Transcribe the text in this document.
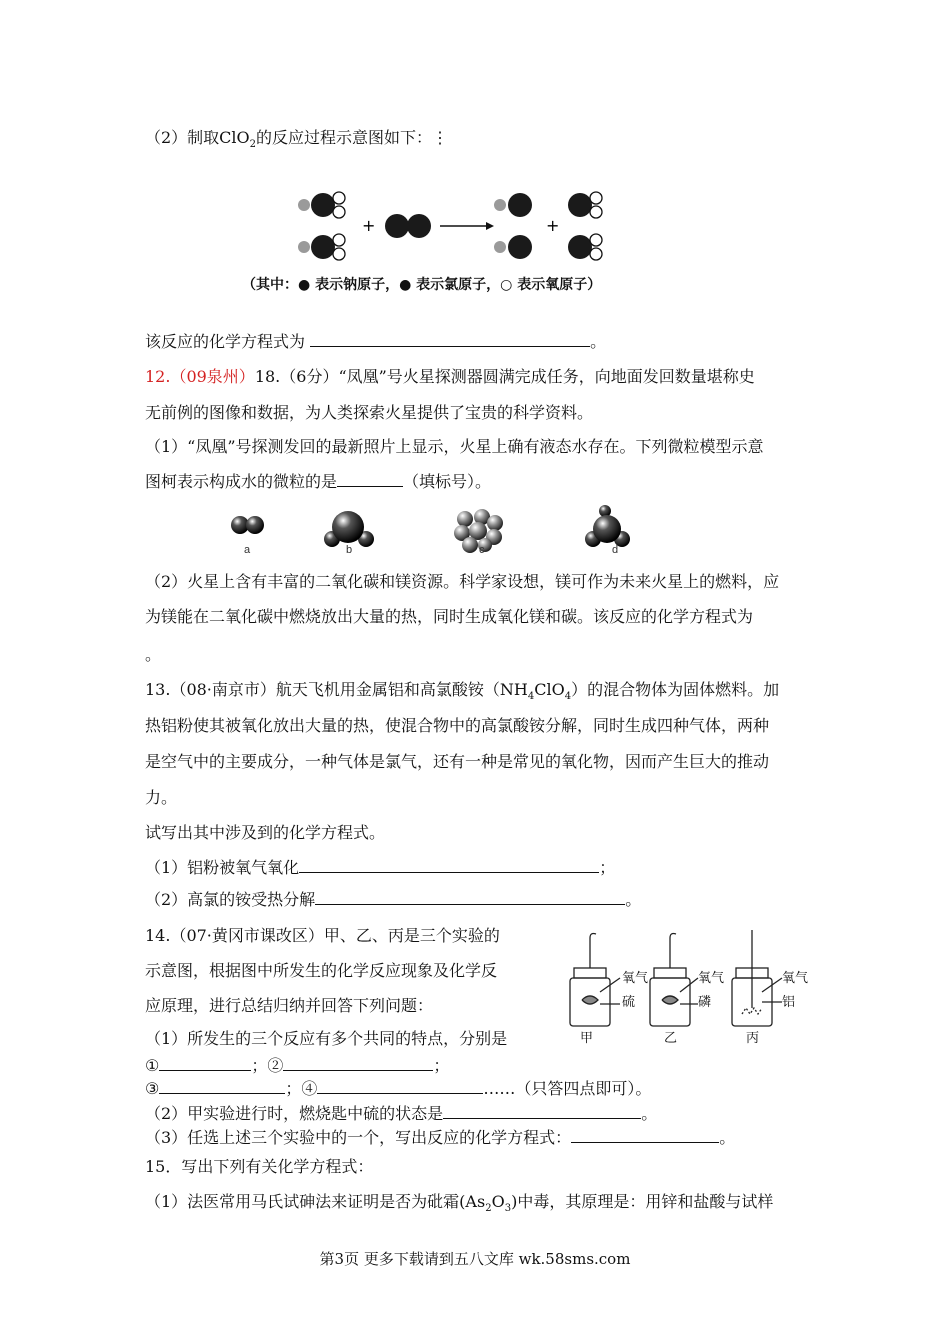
（2）制取ClO$_2$的反应过程示意图如下：⋮
+	+
（其中：● 表示钠原子，● 表示氯原子，○ 表示氧原子）
该反应的化学方程式为	。
12.（09泉州）18.（6分）“凤凰”号火星探测器圆满完成任务，向地面发回数量堪称史
无前例的图像和数据，为人类探索火星提供了宝贵的科学资料。
（1）“凤凰”号探测发回的最新照片上显示，火星上确有液态水存在。下列微粒模型示意
图柯表示构成水的微粒的是	（填标号）。
a	b	c	d
（2）火星上含有丰富的二氧化碳和镁资源。科学家设想，镁可作为未来火星上的燃料，应
为镁能在二氧化碳中燃烧放出大量的热，同时生成氧化镁和碳。该反应的化学方程式为
。
13.（08·南京市）航天飞机用金属铝和高氯酸铵$(NH_4ClO_4)$的混合物体为固体燃料。加
热铝粉使其被氧化放出大量的热，使混合物中的高氯酸铵分解，同时生成四种气体，两种
是空气中的主要成分，一种气体是氯气，还有一种是常见的氧化物，因而产生巨大的推动
力。
试写出其中涉及到的化学方程式。
（1）铝粉被氧气氧化	；
（2）高氯的铵受热分解	。
14.（07·黄冈市课改区）甲、乙、丙是三个实验的
示意图，根据图中所发生的化学反应现象及化学反
应原理，进行总结归纳并回答下列问题：
（1）所发生的三个反应有多个共同的特点，分别是
①	；②	；
③	；④	……（只答四点即可）。
（2）甲实验进行时，燃烧匙中硫的状态是	。
（3）任选上述三个实验中的一个，写出反应的化学方程式：	。
15．写出下列有关化学方程式：
（1）法医常用马氏试砷法来证明是否为砒霜$(As_2O_3)$中毒，其原理是：用锌和盐酸与试样
氧气
硫
甲
氧气
磷
乙
氧气
铝
丙
第3页 更多下载请到五八文库 wk.58sms.com
